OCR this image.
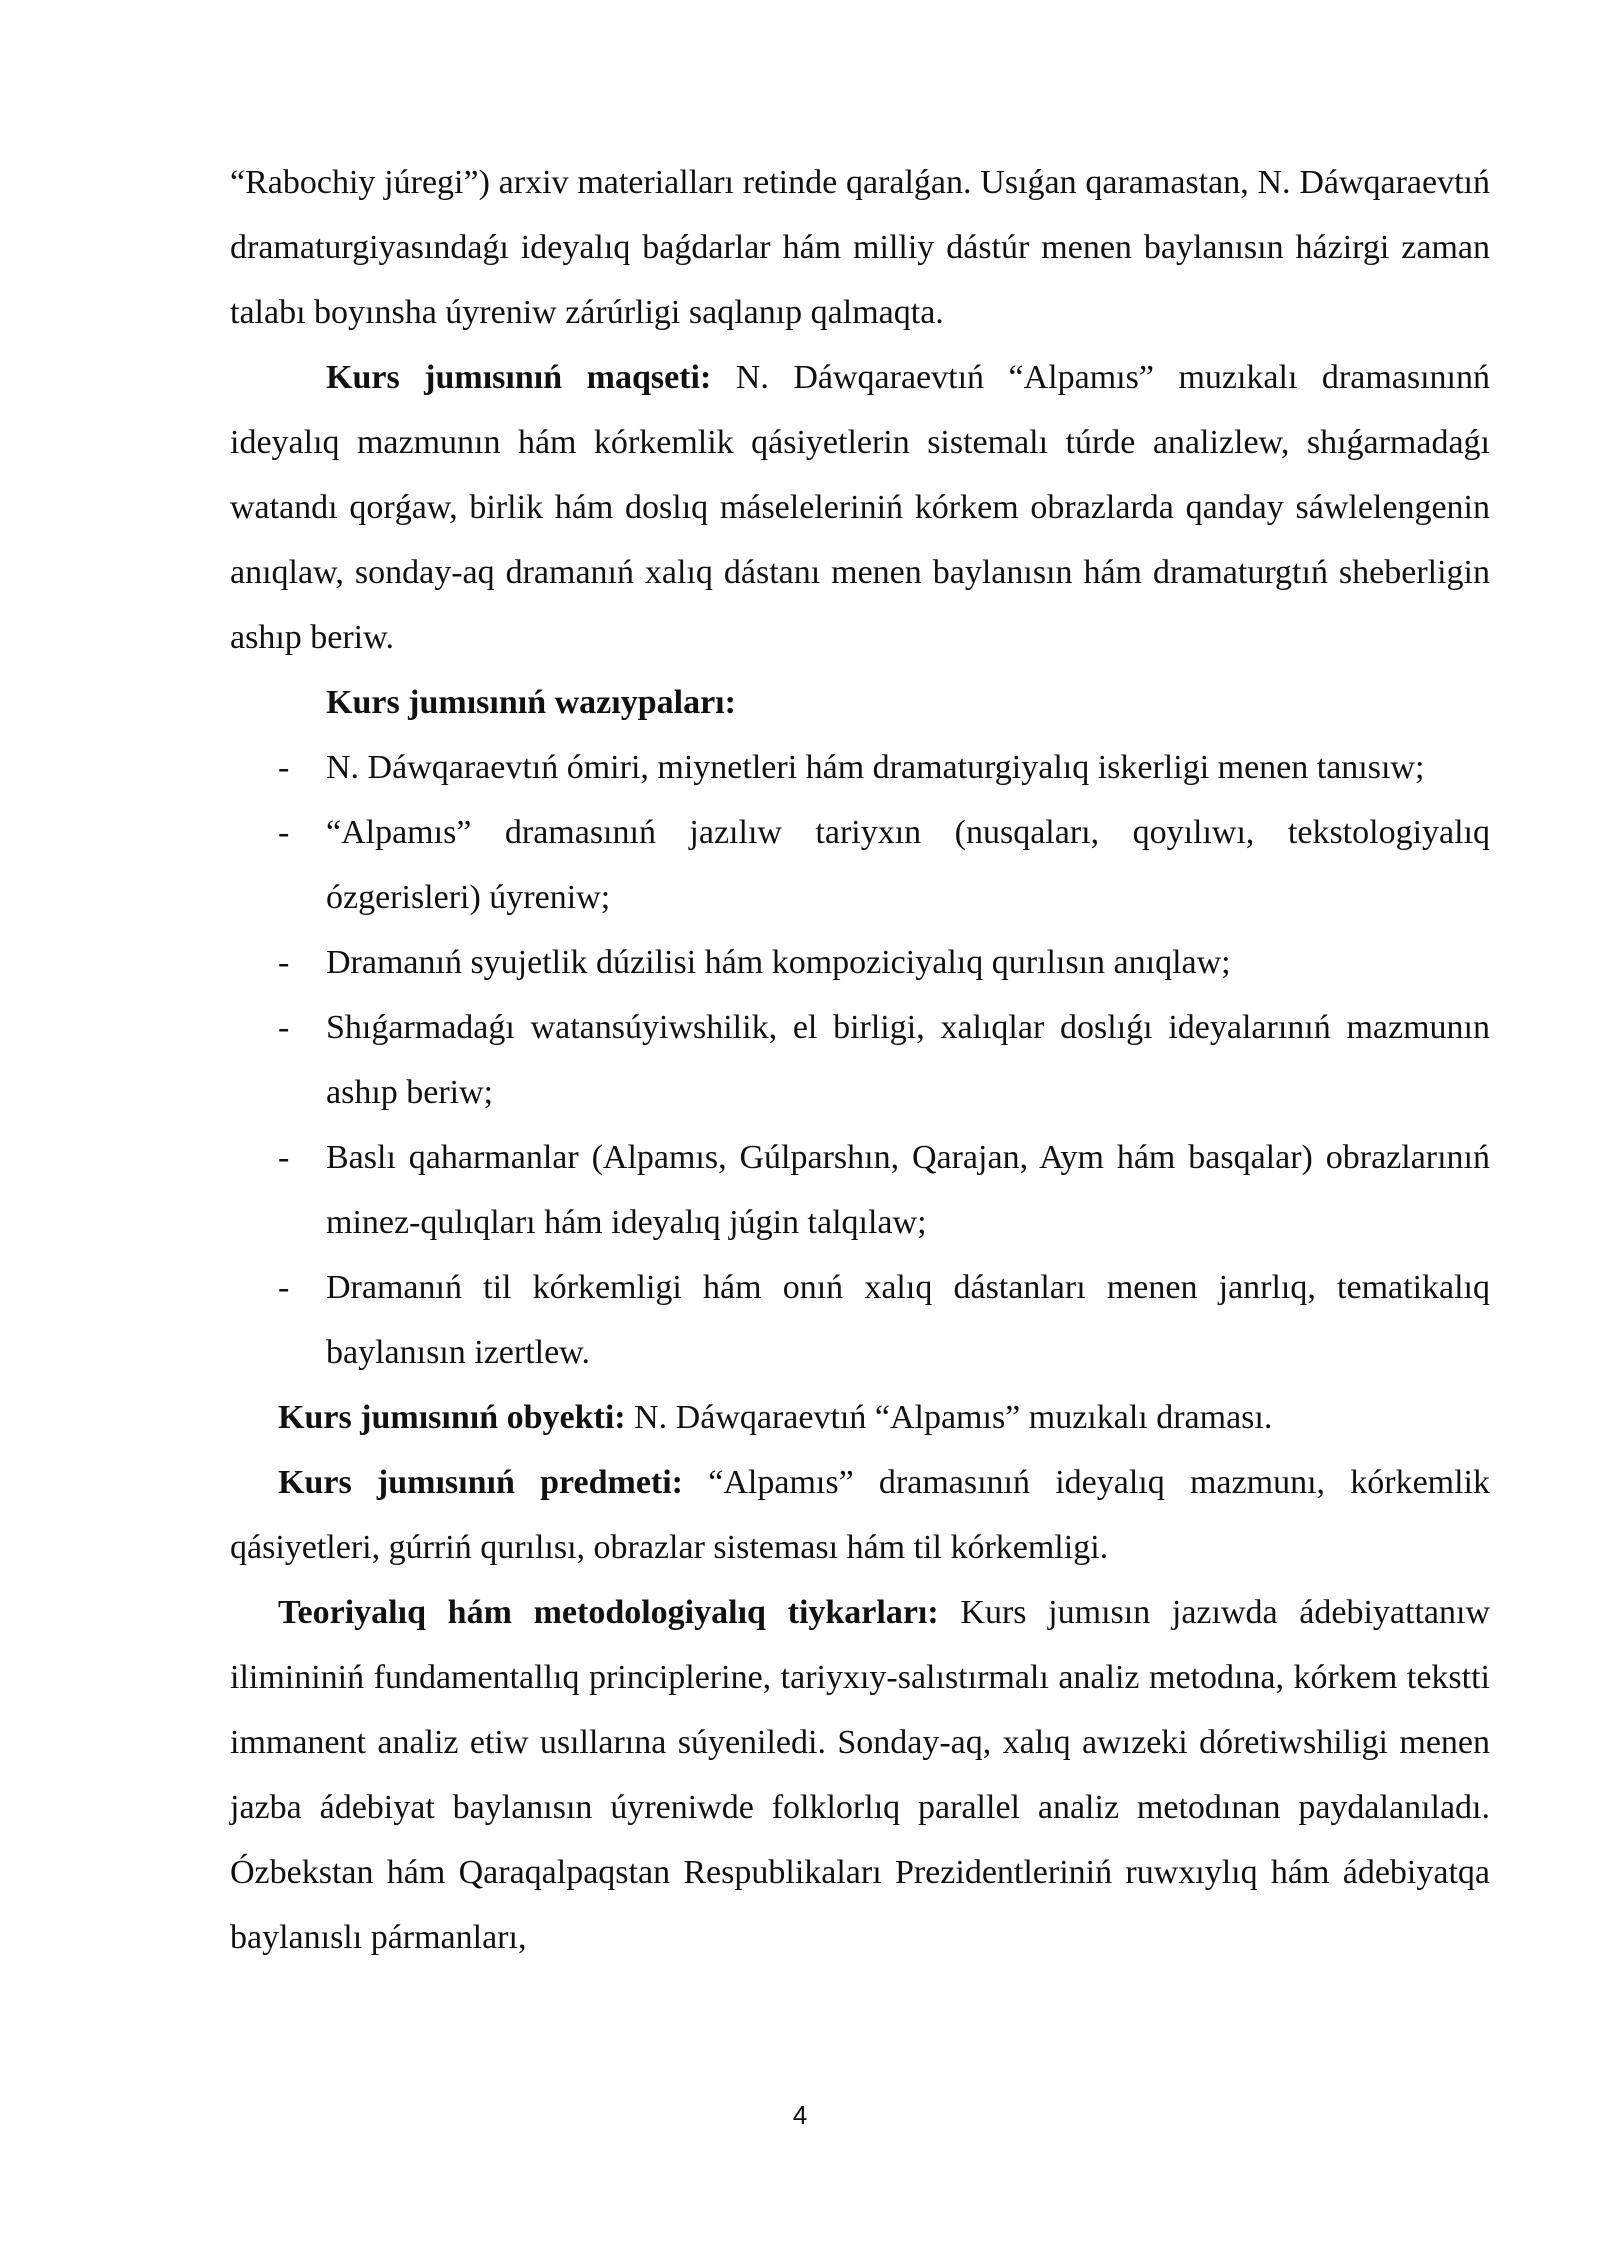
“Rabochiy júregi”) arxiv materialları retinde qaralǵan. Usıǵan qaramastan, N. Dáwqaraevtıń dramaturgiyasındaǵı ideyalıq baǵdarlar hám milliy dástúr menen baylanısın házirgi zaman talabı boyınsha úyreniw zárúrligi saqlanıp qalmaqta.

Kurs jumısınıń maqseti: N. Dáwqaraevtıń “Alpamıs” muzıkalı dramasınınń ideyalıq mazmunın hám kórkemlik qásiyetlerin sistemalı túrde analizlew, shıǵarmadaǵı watandı qorǵaw, birlik hám doslıq máseleleriniń kórkem obrazlarda qanday sáwlelengenin anıqlaw, sonday-aq dramanıń xalıq dástanı menen baylanısın hám dramaturgtıń sheberligin ashıp beriw.

Kurs jumısınıń wazıypaları:

- N. Dáwqaraevtıń ómiri, miynetleri hám dramaturgiyalıq iskerligi menen tanısıw;
- “Alpamıs” dramasınıń jazılıw tariyxın (nusqaları, qoyılıwı, tekstologiyalıq ózgerisleri) úyreniw;
- Dramanıń syujetlik dúzilisi hám kompoziciyalıq qurılısın anıqlaw;
- Shıǵarmadaǵı watansúyiwshilik, el birligi, xalıqlar doslıǵı ideyalarınıń mazmunın ashıp beriw;
- Baslı qaharmanlar (Alpamıs, Gúlparshın, Qarajan, Aym hám basqalar) obrazlarınıń minez-qulıqları hám ideyalıq júgin talqılaw;
- Dramanıń til kórkemligi hám onıń xalıq dástanları menen janrlıq, tematikalıq baylanısın izertlew.

Kurs jumısınıń obyekti: N. Dáwqaraevtıń “Alpamıs” muzıkalı draması.

Kurs jumısınıń predmeti: “Alpamıs” dramasınıń ideyalıq mazmunı, kórkemlik qásiyetleri, gúrriń qurılısı, obrazlar sisteması hám til kórkemligi.

Teoriyalıq hám metodologiyalıq tiykarları: Kurs jumısın jazıwda ádebiyattanıw ilimininiń fundamentallıq principlerine, tariyxıy-salıstırmalı analiz metodına, kórkem tekstti immanent analiz etiw usıllarına súyeniledi. Sonday-aq, xalıq awızeki dóretiwshiligi menen jazba ádebiyat baylanısın úyreniwde folklorlıq parallel analiz metodınan paydalanıladı. Ózbekstan hám Qaraqalpaqstan Respublikaları Prezidentleriniń ruwxıylıq hám ádebiyatqa baylanıslı pármanları,

4
